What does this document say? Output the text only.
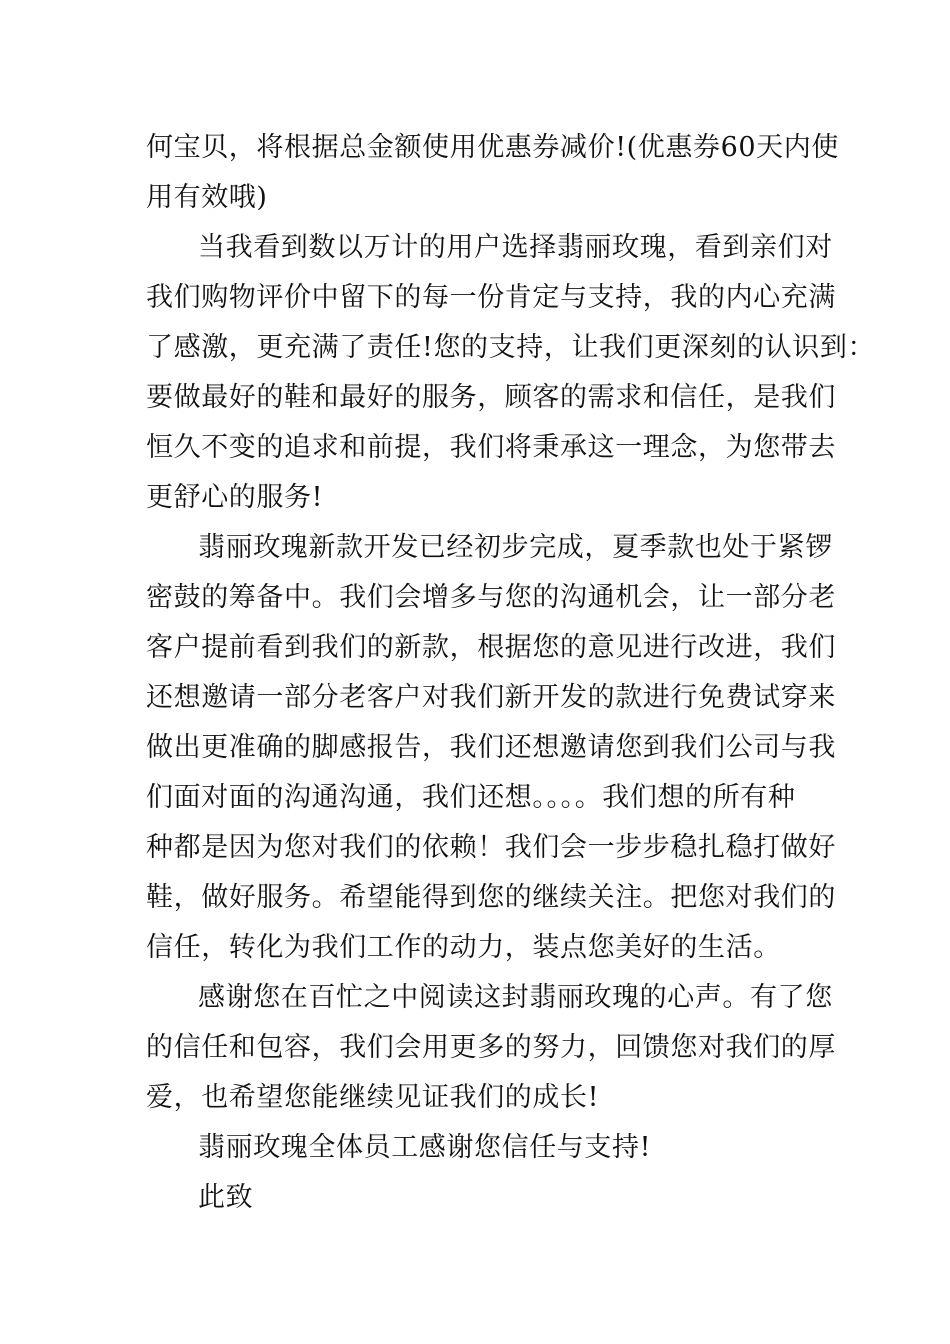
何宝贝，将根据总金额使用优惠券减价!(优惠券60天内使
用有效哦)
当我看到数以万计的用户选择翡丽玫瑰，看到亲们对
我们购物评价中留下的每一份肯定与支持，我的内心充满
了感激，更充满了责任!您的支持，让我们更深刻的认识到：
要做最好的鞋和最好的服务，顾客的需求和信任，是我们
恒久不变的追求和前提，我们将秉承这一理念，为您带去
更舒心的服务!
翡丽玫瑰新款开发已经初步完成，夏季款也处于紧锣
密鼓的筹备中。我们会增多与您的沟通机会，让一部分老
客户提前看到我们的新款，根据您的意见进行改进，我们
还想邀请一部分老客户对我们新开发的款进行免费试穿来
做出更准确的脚感报告，我们还想邀请您到我们公司与我
们面对面的沟通沟通，我们还想。。。。我们想的所有种
种都是因为您对我们的依赖！我们会一步步稳扎稳打做好
鞋，做好服务。希望能得到您的继续关注。把您对我们的
信任，转化为我们工作的动力，装点您美好的生活。
感谢您在百忙之中阅读这封翡丽玫瑰的心声。有了您
的信任和包容，我们会用更多的努力，回馈您对我们的厚
爱，也希望您能继续见证我们的成长!
翡丽玫瑰全体员工感谢您信任与支持!
此致
